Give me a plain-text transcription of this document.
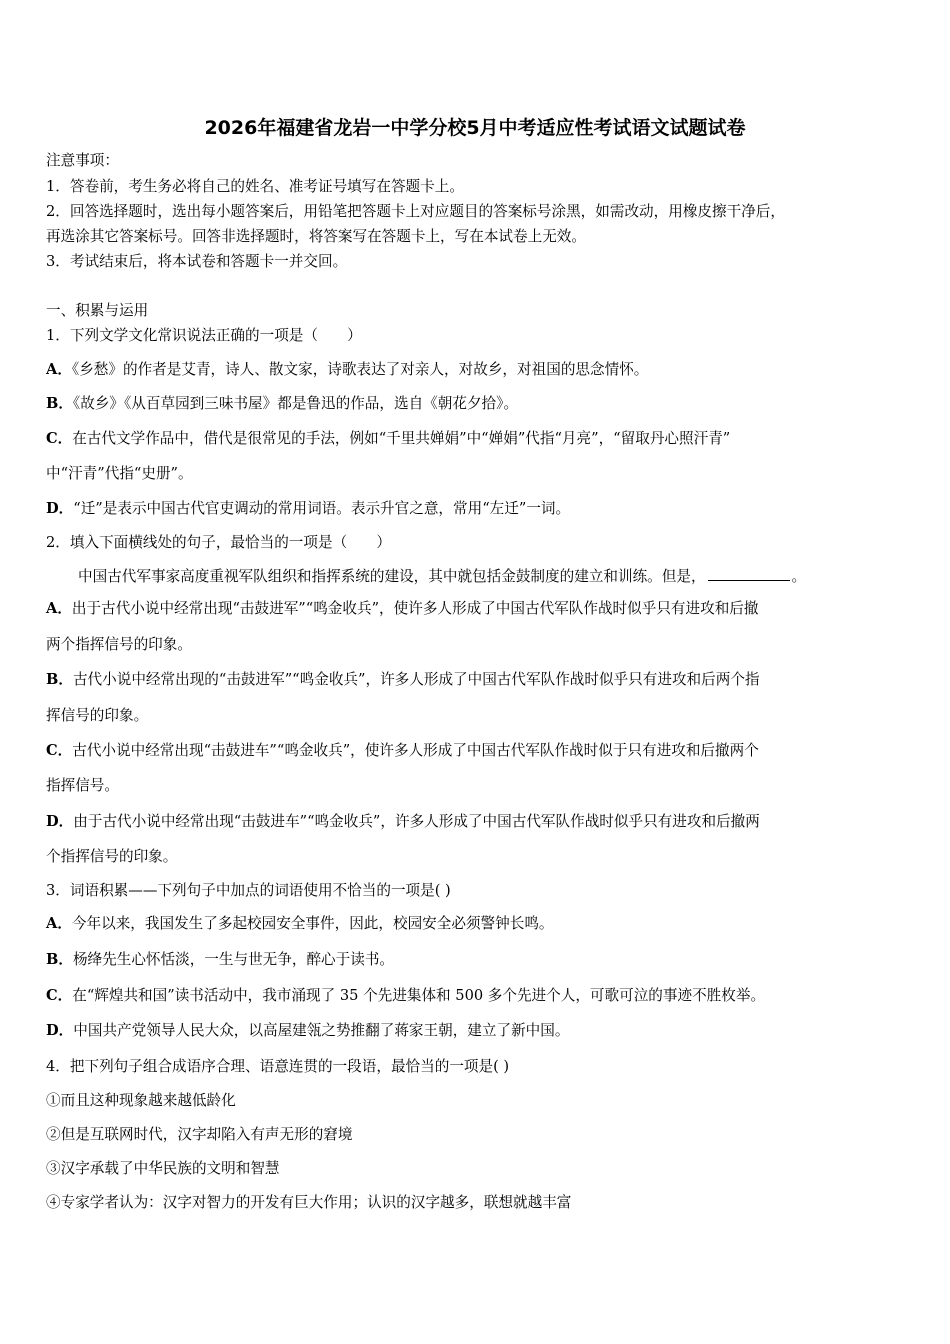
2026年福建省龙岩一中学分校5月中考适应性考试语文试题试卷
注意事项：
1．答卷前，考生务必将自己的姓名、准考证号填写在答题卡上。
2．回答选择题时，选出每小题答案后，用铅笔把答题卡上对应题目的答案标号涂黑，如需改动，用橡皮擦干净后，
再选涂其它答案标号。回答非选择题时，将答案写在答题卡上，写在本试卷上无效。
3．考试结束后，将本试卷和答题卡一并交回。
一、积累与运用
1．下列文学文化常识说法正确的一项是（　　）
A．《乡愁》的作者是艾青，诗人、散文家，诗歌表达了对亲人，对故乡，对祖国的思念情怀。
B．《故乡》《从百草园到三味书屋》都是鲁迅的作品，选自《朝花夕拾》。
C．在古代文学作品中，借代是很常见的手法，例如“千里共婵娟”中“婵娟”代指“月亮”，“留取丹心照汗青”
中“汗青”代指“史册”。
D．“迁”是表示中国古代官吏调动的常用词语。表示升官之意，常用“左迁”一词。
2．填入下面横线处的句子，最恰当的一项是（　　）
中国古代军事家高度重视军队组织和指挥系统的建设，其中就包括金鼓制度的建立和训练。但是，	。
A．出于古代小说中经常出现“击鼓进军”“鸣金收兵”，使许多人形成了中国古代军队作战时似乎只有进攻和后撤
两个指挥信号的印象。
B．古代小说中经常出现的“击鼓进军”“鸣金收兵”，许多人形成了中国古代军队作战时似乎只有进攻和后两个指
挥信号的印象。
C．古代小说中经常出现“击鼓进车”“鸣金收兵”，使许多人形成了中国古代军队作战时似于只有进攻和后撤两个
指挥信号。
D．由于古代小说中经常出现“击鼓进车”“鸣金收兵”，许多人形成了中国古代军队作战时似乎只有进攻和后撤两
个指挥信号的印象。
3．词语积累——下列句子中加点的词语使用不恰当的一项是( )
A．今年以来，我国发生了多起校园安全事件，因此，校园安全必须警钟长鸣。
B．杨绛先生心怀恬淡，一生与世无争，醉心于读书。
C．在“辉煌共和国”读书活动中，我市涌现了 35 个先进集体和 500 多个先进个人，可歌可泣的事迹不胜枚举。
D．中国共产党领导人民大众，以高屋建瓴之势推翻了蒋家王朝，建立了新中国。
4．把下列句子组合成语序合理、语意连贯的一段语，最恰当的一项是( )
①而且这种现象越来越低龄化
②但是互联网时代，汉字却陷入有声无形的窘境
③汉字承载了中华民族的文明和智慧
④专家学者认为：汉字对智力的开发有巨大作用；认识的汉字越多，联想就越丰富
